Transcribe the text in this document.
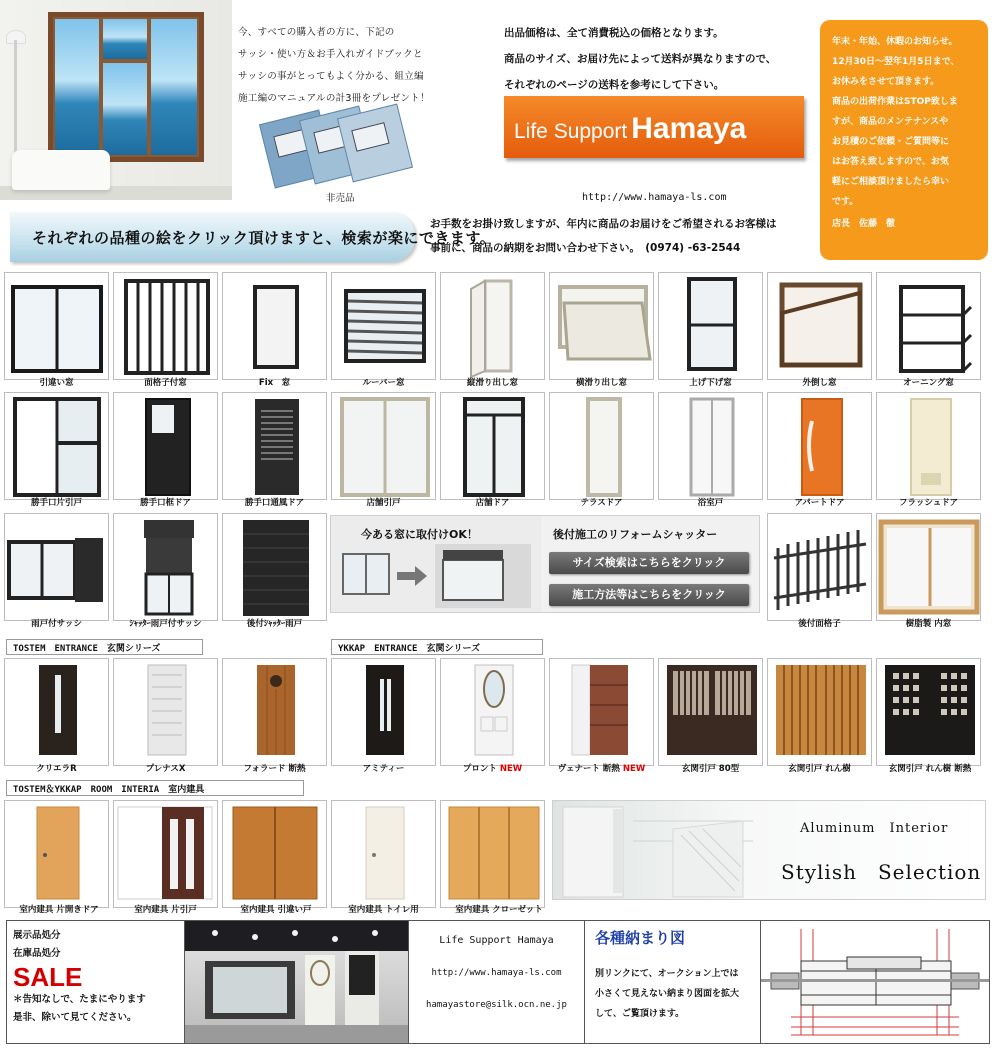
今、すべての購入者の方に、下記の
サッシ・使い方＆お手入れガイドブックと
サッシの事がとってもよく分かる、組立編
施工編のマニュアルの計3冊をプレゼント！
非売品
出品価格は、全て消費税込の価格となります。
商品のサイズ、お届け先によって送料が異なりますので、
それぞれのページの送料を参考にして下さい。
Life Support Hamaya
http://www.hamaya-ls.com
年末・年始、休暇のお知らせ。
12月30日〜翌年1月5日まで、
お休みをさせて頂きます。
商品の出荷作業はSTOP致しま
すが、商品のメンテナンスや
お見積のご依頼・ご質問等に
はお答え致しますので、お気
軽にご相談頂けましたら幸い
です。
店長　佐藤　徹
それぞれの品種の絵をクリック頂けますと、検索が楽にできます。
お手数をお掛け致しますが、年内に商品のお届けをご希望されるお客様は
事前に、商品の納期をお問い合わせ下さい。　(0974) -63-2544
引違い窓	面格子付窓	Fix　窓	ルーバー窓	縦滑り出し窓	横滑り出し窓	上げ下げ窓	外倒し窓	オーニング窓
勝手口片引戸	勝手口框ドア	勝手口通風ドア	店舗引戸	店舗ドア	テラスドア	浴室戸	アパートドア	フラッシュドア
今ある窓に取付けOK！	後付施工のリフォームシャッター
サイズ検索はこちらをクリック
施工方法等はこちらをクリック
雨戸付サッシ	ｼｬｯﾀｰ雨戸付サッシ	後付ｼｬｯﾀｰ雨戸	後付面格子	樹脂製 内窓
TOSTEM　ENTRANCE　玄関シリーズ	YKKAP　ENTRANCE　玄関シリーズ
クリエラR	プレナスX	フォラード 断熱	アミティー	プロント NEW	ヴェナート 断熱 NEW	玄関引戸 80型	玄関引戸 れん樹	玄関引戸 れん樹 断熱
TOSTEM＆YKKAP　ROOM　INTERIA　室内建具
Aluminum　Interior
Stylish　Selection
室内建具 片開きドア	室内建具 片引戸	室内建具 引違い戸	室内建具 トイレ用	室内建具 クローゼット
展示品処分
在庫品処分
SALE
＊告知なしで、たまにやります
是非、除いて見てください。
Life Support Hamaya
http://www.hamaya-ls.com
hamayastore@silk.ocn.ne.jp
各種納まり図
別リンクにて、オークション上では
小さくて見えない納まり図面を拡大
して、ご覧頂けます。
